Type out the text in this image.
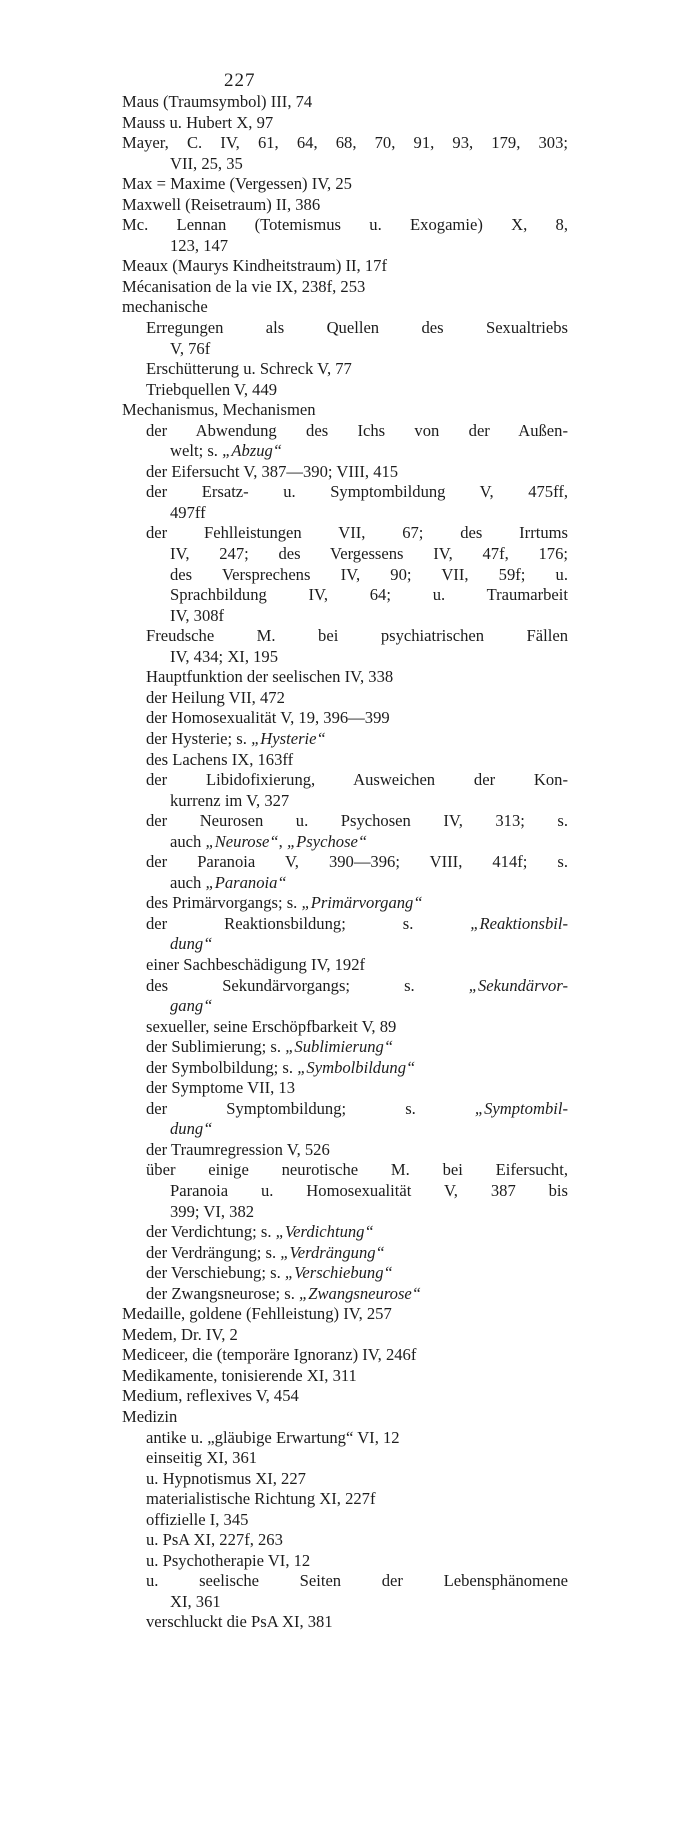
227
Maus (Traumsymbol) III, 74
Mauss u. Hubert X, 97
Mayer, C. IV, 61, 64, 68, 70, 91, 93, 179, 303;
VII, 25, 35
Max = Maxime (Vergessen) IV, 25
Maxwell (Reisetraum) II, 386
Mc. Lennan (Totemismus u. Exogamie) X, 8,
123, 147
Meaux (Maurys Kindheitstraum) II, 17f
Mécanisation de la vie IX, 238f, 253
mechanische
Erregungen als Quellen des Sexualtriebs
V, 76f
Erschütterung u. Schreck V, 77
Triebquellen V, 449
Mechanismus, Mechanismen
der Abwendung des Ichs von der Außen-
welt; s. „Abzug“
der Eifersucht V, 387—390; VIII, 415
der Ersatz- u. Symptombildung V, 475ff,
497ff
der Fehlleistungen VII, 67; des Irrtums
IV, 247; des Vergessens IV, 47f, 176;
des Versprechens IV, 90; VII, 59f; u.
Sprachbildung IV, 64; u. Traumarbeit
IV, 308f
Freudsche M. bei psychiatrischen Fällen
IV, 434; XI, 195
Hauptfunktion der seelischen IV, 338
der Heilung VII, 472
der Homosexualität V, 19, 396—399
der Hysterie; s. „Hysterie“
des Lachens IX, 163ff
der Libidofixierung, Ausweichen der Kon-
kurrenz im V, 327
der Neurosen u. Psychosen IV, 313; s.
auch „Neurose“, „Psychose“
der Paranoia V, 390—396; VIII, 414f; s.
auch „Paranoia“
des Primärvorgangs; s. „Primärvorgang“
der Reaktionsbildung; s. „Reaktionsbil-
dung“
einer Sachbeschädigung IV, 192f
des Sekundärvorgangs; s. „Sekundärvor-
gang“
sexueller, seine Erschöpfbarkeit V, 89
der Sublimierung; s. „Sublimierung“
der Symbolbildung; s. „Symbolbildung“
der Symptome VII, 13
der Symptombildung; s. „Symptombil-
dung“
der Traumregression V, 526
über einige neurotische M. bei Eifersucht,
Paranoia u. Homosexualität V, 387 bis
399; VI, 382
der Verdichtung; s. „Verdichtung“
der Verdrängung; s. „Verdrängung“
der Verschiebung; s. „Verschiebung“
der Zwangsneurose; s. „Zwangsneurose“
Medaille, goldene (Fehlleistung) IV, 257
Medem, Dr. IV, 2
Mediceer, die (temporäre Ignoranz) IV, 246f
Medikamente, tonisierende XI, 311
Medium, reflexives V, 454
Medizin
antike u. „gläubige Erwartung“ VI, 12
einseitig XI, 361
u. Hypnotismus XI, 227
materialistische Richtung XI, 227f
offizielle I, 345
u. PsA XI, 227f, 263
u. Psychotherapie VI, 12
u. seelische Seiten der Lebensphänomene
XI, 361
verschluckt die PsA XI, 381
